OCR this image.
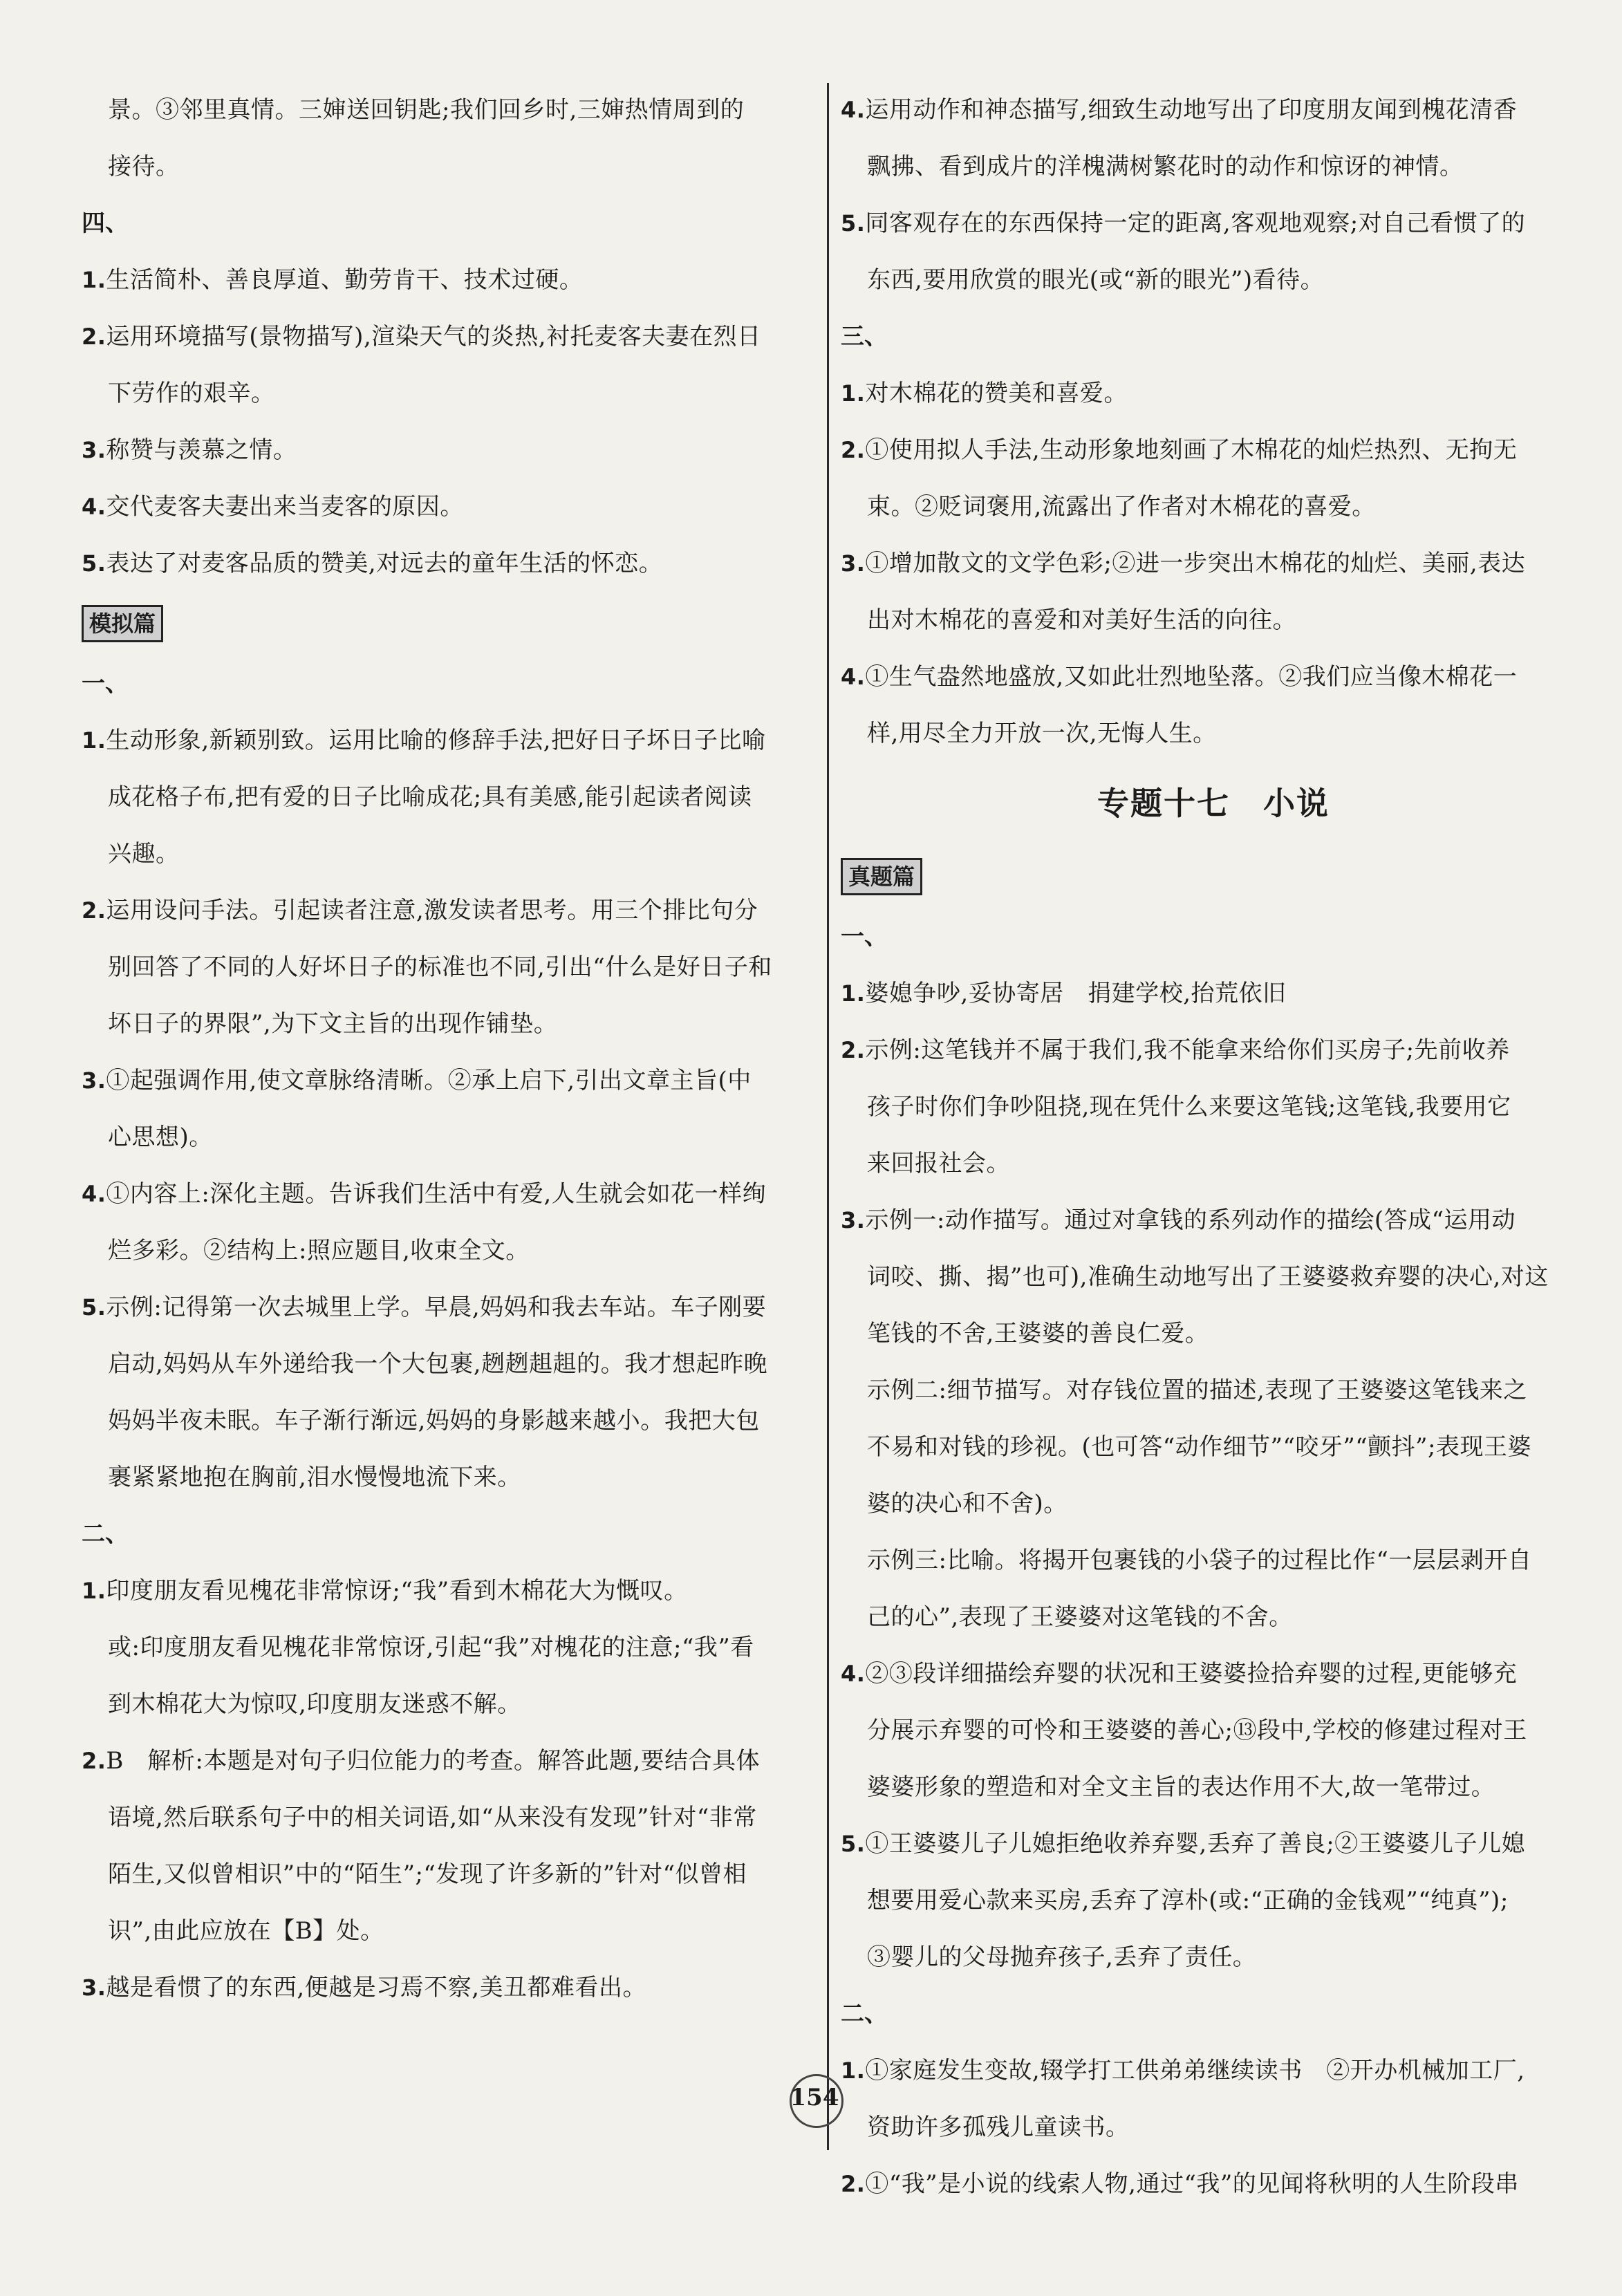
景。③邻里真情。三婶送回钥匙;我们回乡时,三婶热情周到的
接待。
四、
1.生活简朴、善良厚道、勤劳肯干、技术过硬。
2.运用环境描写(景物描写),渲染天气的炎热,衬托麦客夫妻在烈日
下劳作的艰辛。
3.称赞与羡慕之情。
4.交代麦客夫妻出来当麦客的原因。
5.表达了对麦客品质的赞美,对远去的童年生活的怀恋。
模拟篇
一、
1.生动形象,新颖别致。运用比喻的修辞手法,把好日子坏日子比喻
成花格子布,把有爱的日子比喻成花;具有美感,能引起读者阅读
兴趣。
2.运用设问手法。引起读者注意,激发读者思考。用三个排比句分
别回答了不同的人好坏日子的标准也不同,引出“什么是好日子和
坏日子的界限”,为下文主旨的出现作铺垫。
3.①起强调作用,使文章脉络清晰。②承上启下,引出文章主旨(中
心思想)。
4.①内容上:深化主题。告诉我们生活中有爱,人生就会如花一样绚
烂多彩。②结构上:照应题目,收束全文。
5.示例:记得第一次去城里上学。早晨,妈妈和我去车站。车子刚要
启动,妈妈从车外递给我一个大包裹,趔趔趄趄的。我才想起昨晚
妈妈半夜未眠。车子渐行渐远,妈妈的身影越来越小。我把大包
裹紧紧地抱在胸前,泪水慢慢地流下来。
二、
1.印度朋友看见槐花非常惊讶;“我”看到木棉花大为慨叹。
或:印度朋友看见槐花非常惊讶,引起“我”对槐花的注意;“我”看
到木棉花大为惊叹,印度朋友迷惑不解。
2.B　解析:本题是对句子归位能力的考查。解答此题,要结合具体
语境,然后联系句子中的相关词语,如“从来没有发现”针对“非常
陌生,又似曾相识”中的“陌生”;“发现了许多新的”针对“似曾相
识”,由此应放在【B】处。
3.越是看惯了的东西,便越是习焉不察,美丑都难看出。
4.运用动作和神态描写,细致生动地写出了印度朋友闻到槐花清香
飘拂、看到成片的洋槐满树繁花时的动作和惊讶的神情。
5.同客观存在的东西保持一定的距离,客观地观察;对自己看惯了的
东西,要用欣赏的眼光(或“新的眼光”)看待。
三、
1.对木棉花的赞美和喜爱。
2.①使用拟人手法,生动形象地刻画了木棉花的灿烂热烈、无拘无
束。②贬词褒用,流露出了作者对木棉花的喜爱。
3.①增加散文的文学色彩;②进一步突出木棉花的灿烂、美丽,表达
出对木棉花的喜爱和对美好生活的向往。
4.①生气盎然地盛放,又如此壮烈地坠落。②我们应当像木棉花一
样,用尽全力开放一次,无悔人生。
专题十七　小说
真题篇
一、
1.婆媳争吵,妥协寄居　捐建学校,抬荒依旧
2.示例:这笔钱并不属于我们,我不能拿来给你们买房子;先前收养
孩子时你们争吵阻挠,现在凭什么来要这笔钱;这笔钱,我要用它
来回报社会。
3.示例一:动作描写。通过对拿钱的系列动作的描绘(答成“运用动
词咬、撕、揭”也可),准确生动地写出了王婆婆救弃婴的决心,对这
笔钱的不舍,王婆婆的善良仁爱。
示例二:细节描写。对存钱位置的描述,表现了王婆婆这笔钱来之
不易和对钱的珍视。(也可答“动作细节”“咬牙”“颤抖”;表现王婆
婆的决心和不舍)。
示例三:比喻。将揭开包裹钱的小袋子的过程比作“一层层剥开自
己的心”,表现了王婆婆对这笔钱的不舍。
4.②③段详细描绘弃婴的状况和王婆婆捡拾弃婴的过程,更能够充
分展示弃婴的可怜和王婆婆的善心;⑬段中,学校的修建过程对王
婆婆形象的塑造和对全文主旨的表达作用不大,故一笔带过。
5.①王婆婆儿子儿媳拒绝收养弃婴,丢弃了善良;②王婆婆儿子儿媳
想要用爱心款来买房,丢弃了淳朴(或:“正确的金钱观”“纯真”);
③婴儿的父母抛弃孩子,丢弃了责任。
二、
1.①家庭发生变故,辍学打工供弟弟继续读书　②开办机械加工厂,
资助许多孤残儿童读书。
2.①“我”是小说的线索人物,通过“我”的见闻将秋明的人生阶段串
154
